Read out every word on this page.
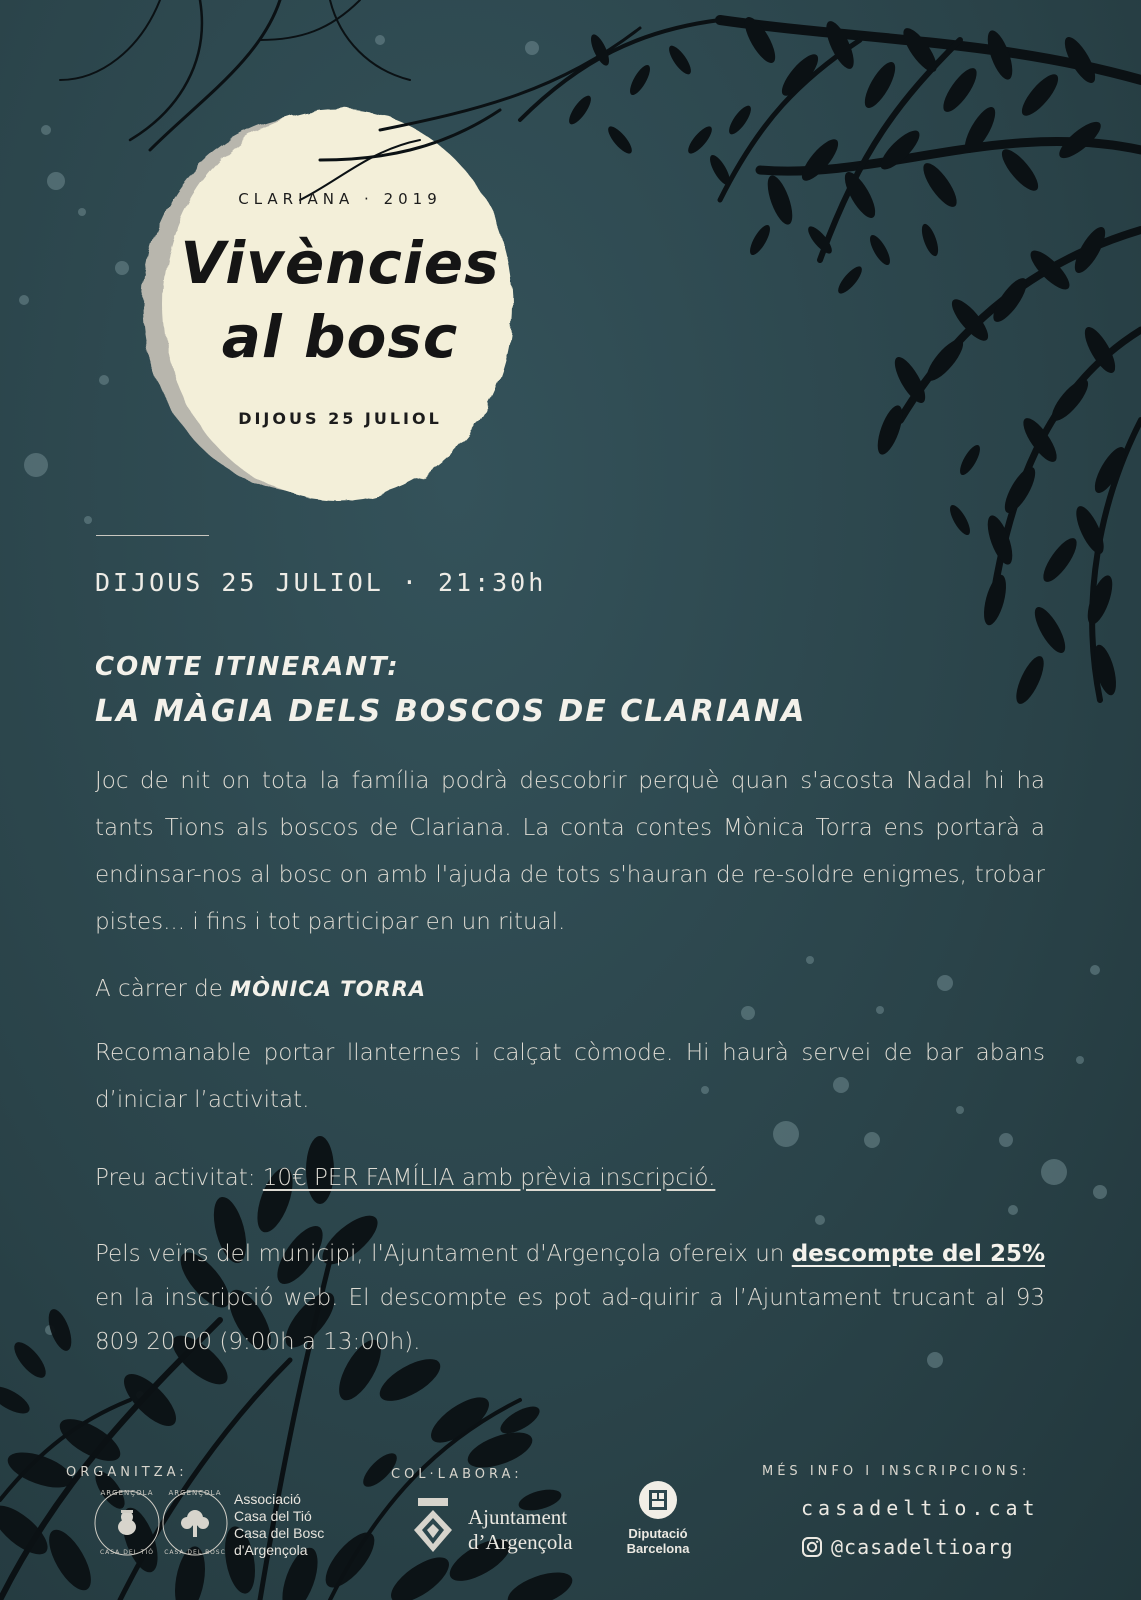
CLARIANA · 2019

Vivències

al bosc

DIJOUS 25 JULIOL

DIJOUS 25 JULIOL · 21:30h

CONTE ITINERANT:

LA MÀGIA DELS BOSCOS DE CLARIANA

Joc de nit on tota la família podrà descobrir perquè quan s'acosta Nadal hi ha tants Tions als boscos de Clariana. La conta contes Mònica Torra ens portarà a endinsar-nos al bosc on amb l'ajuda de tots s'hauran de re-soldre enigmes, trobar pistes... i fins i tot participar en un ritual.

A càrrer de MÒNICA TORRA

Recomanable portar llanternes i calçat còmode. Hi haurà servei de bar abans d’iniciar l’activitat.

Preu activitat: 10€ PER FAMÍLIA amb prèvia inscripció.

Pels veïns del municipi, l'Ajuntament d'Argençola ofereix un descompte del 25% en la inscripció web. El descompte es pot ad-quirir a l’Ajuntament trucant al 93 809 20 00 (9:00h a 13:00h).

ORGANITZA:

ARGENÇOLA
CASA DEL TIÓ
ARGENÇOLA
CASA DEL BOSC
Associació
Casa del Tió
Casa del Bosc
d'Argençola

COL·LABORA:

Ajuntament
d’Argençola	Diputació
Barcelona

MÉS INFO I INSCRIPCIONS:

casadeltio.cat

@casadeltioarg
